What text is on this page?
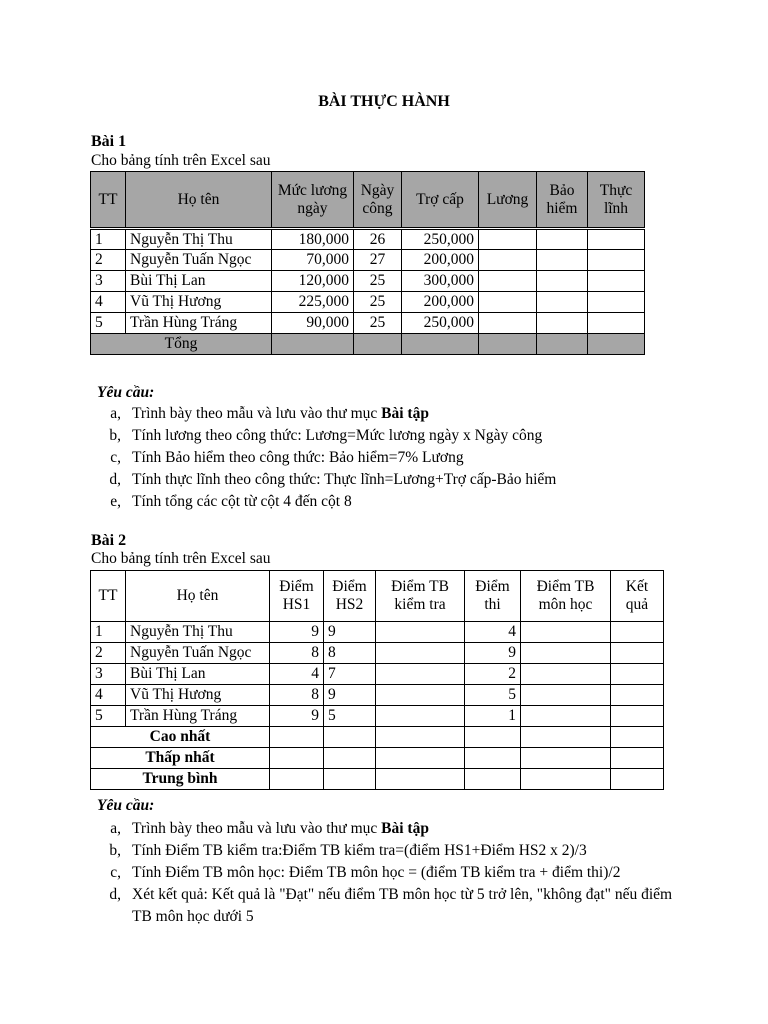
BÀI THỰC HÀNH
Bài 1
Cho bảng tính trên Excel sau
TT	Họ tên	Mức lương ngày	Ngày công	Trợ cấp	Lương	Bảo hiểm	Thực lĩnh
1	Nguyễn Thị Thu	180,000	26	250,000			
2	Nguyễn Tuấn Ngọc	70,000	27	200,000			
3	Bùi Thị Lan	120,000	25	300,000			
4	Vũ Thị Hương	225,000	25	200,000			
5	Trần Hùng Tráng	90,000	25	250,000			
Tổng							
Yêu cầu:
a, Trình bày theo mẫu và lưu vào thư mục Bài tập
b, Tính lương theo công thức: Lương=Mức lương ngày x Ngày công
c, Tính Bảo hiểm theo công thức: Bảo hiểm=7% Lương
d, Tính thực lĩnh theo công thức: Thực lĩnh=Lương+Trợ cấp-Bảo hiểm
e, Tính tổng các cột từ cột 4 đến cột 8
Bài 2
Cho bảng tính trên Excel sau
TT	Họ tên	Điểm HS1	Điểm HS2	Điểm TB kiểm tra	Điểm thi	Điểm TB môn học	Kết quả
1	Nguyễn Thị Thu	9	9		4		
2	Nguyễn Tuấn Ngọc	8	8		9		
3	Bùi Thị Lan	4	7		2		
4	Vũ Thị Hương	8	9		5		
5	Trần Hùng Tráng	9	5		1		
Cao nhất							
Thấp nhất							
Trung bình							
Yêu cầu:
a, Trình bày theo mẫu và lưu vào thư mục Bài tập
b, Tính Điểm TB kiểm tra:Điểm TB kiểm tra=(điểm HS1+Điểm HS2 x 2)/3
c, Tính Điểm TB môn học: Điểm TB môn học = (điểm TB kiểm tra + điểm thi)/2
d, Xét kết quả: Kết quả là "Đạt" nếu điểm TB môn học từ 5 trở lên, "không đạt" nếu điểm TB môn học dưới 5
